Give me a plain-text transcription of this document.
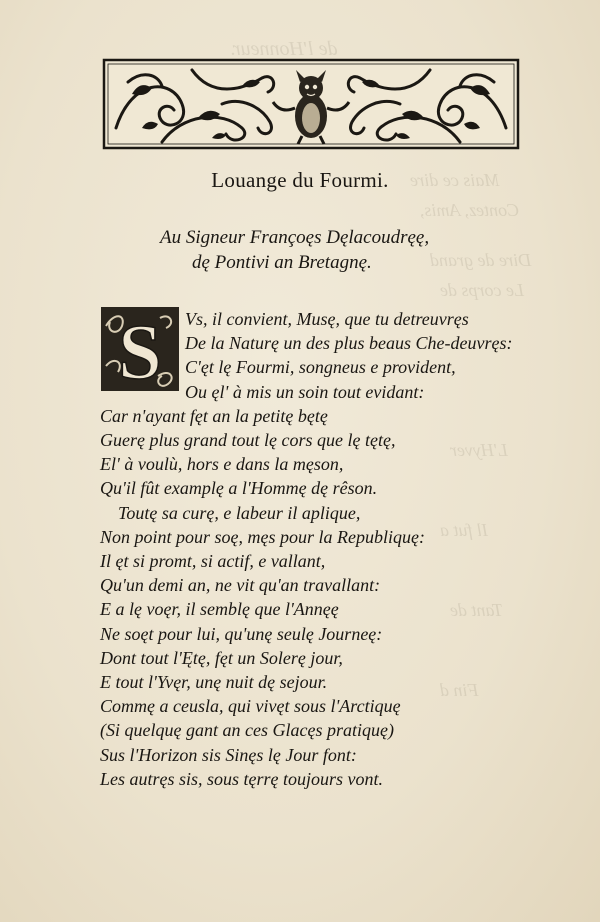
de l'Honneur.
Mais ce dire
Contez, Amis,
Dire de grand
Le corps de
L'Hyver
Il fut a
Tant de
Fin d
Louange du Fourmi.
Au Signeur Françoęs Dęlacoudręę,
dę Pontivi an Bretagnę.
S	Vs, il convient, Musę, que tu detreuvręs
De la Naturę un des plus beaus Che-deuvręs:
C'ęt lę Fourmi, songneus e provident,
Ou ęl' à mis un soin tout evidant:
Car n'ayant fęt an la petitę bętę
Guerę plus grand tout lę cors que lę tętę,
El' à voulù, hors e dans la męson,
Qu'il fût examplę a l'Hommę dę rêson.
Toutę sa curę, e labeur il aplique,
Non point pour soę, męs pour la Republiquę:
Il ęt si promt, si actif, e vallant,
Qu'un demi an, ne vit qu'an travallant:
E a lę voęr, il semblę que l'Annęę
Ne soęt pour lui, qu'unę seulę Journeę:
Dont tout l'Ętę, fęt un Solerę jour,
E tout l'Yvęr, unę nuit dę sejour.
Commę a ceusla, qui vivęt sous l'Arctiquę
(Si quelquę gant an ces Glacęs pratiquę)
Sus l'Horizon sis Sinęs lę Jour font:
Les autręs sis, sous tęrrę toujours vont.
